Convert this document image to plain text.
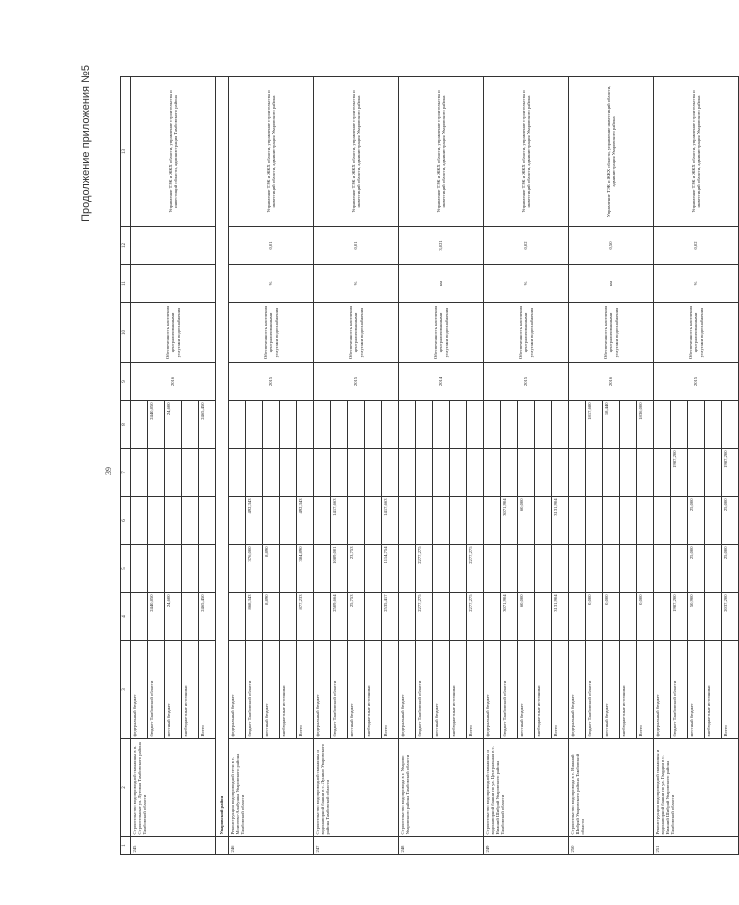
Продолжение приложения №5
39
1	2	3	4	5	6	7	8	9	10	11	12	13
245	Строительство водопроводной скважины в п. Строительные ул. Луговая Тамбовского района Тамбовской области	федеральный бюджет						2016	Обеспеченность населения централизованными услугами водоснабжения			Управление ТЭК и ЖКХ области, управление строительства и инвестиций области, администрация Тамбовского района
		бюджет Тамбовской области	2440,850				2440,850					
		местный бюджет	24,600				24,600					
		внебюджетные источники										
		Всего	2465,450				2465,450					
	Уваровский район											
246	Реконструкция водопроводной сети в с. Моисеево-Алабушка Уваровского района Тамбовской области	федеральный бюджет						2015	Обеспеченность населения централизованными услугами водоснабжения	%	0,01	Управление ТЭК и ЖКХ области, управление строительства и инвестиций области, администрация Уваровского района
		бюджет Тамбовской области	868,343	376,000	492,343							
		местный бюджет	8,890	8,890								
		внебюджетные источники										
		Всего	877,233	384,890	492,343							
247	Строительство водопроводной скважины и водонапорной башни в с. Лунино Уваровского района Тамбовской области	федеральный бюджет						2015	Обеспеченность населения централизованными услугами водоснабжения	%	0,01	Управление ТЭК и ЖКХ области, управление строительства и инвестиций области, администрация Уваровского района
		бюджет Тамбовской области	2509,664	1089,001	1417,663							
		местный бюджет	25,753	23,753								
		внебюджетные источники										
		Всего	2535,417	1114,754	1417,663							
248	Строительство водопровода в г. Уварово Уваровского района Тамбовской области	федеральный бюджет						2014	Обеспеченность населения централизованными услугами водоснабжения	км	3,021	Управление ТЭК и ЖКХ области, управление строительства и инвестиций области, администрация Уваровского района
		бюджет Тамбовской области	2277,275	2277,275								
		местный бюджет										
		внебюджетные источники										
		Всего	2277,275	2277,275								
249	Строительство водопроводной скважины и водонапорной башни по ул. Центральная в с. Нижний Шибряй Уваровского района Тамбовской области	федеральный бюджет						2015	Обеспеченность населения централизованными услугами водоснабжения	%	0,02	Управление ТЭК и ЖКХ области, управление строительства и инвестиций области, администрация Уваровского района
		бюджет Тамбовской области	3071,904		3071,904							
		местный бюджет	60,000		60,000							
		внебюджетные источники										
		Всего	3131,904		3131,904							
250	Строительство водопровода в с. Нижний Шибряй Уваровского района Тамбовской области	федеральный бюджет						2016	Обеспеченность населения централизованными услугами водоснабжения	км	0,50	Управление ТЭК и ЖКХ области, управление инвестиций области, администрация Уваровского района
		бюджет Тамбовской области	0,000				1817,680					
		местный бюджет	0,000				18,440					
		внебюджетные источники										
		Всего	0,000				1836,000					
251	Реконструкция водопроводной скважины и водонапорной башни по ул. Гвардии в с. Нижний Шибряй Уваровского района Тамбовской области	федеральный бюджет						2015	Обеспеченность населения централизованными услугами водоснабжения	%	0,02	Управление ТЭК и ЖКХ области, управление строительства и инвестиций области, администрация Уваровского района
		бюджет Тамбовской области	1987,200			1987,200						
		местный бюджет	50,900	25,000	25,000							
		внебюджетные источники										
		Всего	2037,200	25,000	25,000	1987,200						
